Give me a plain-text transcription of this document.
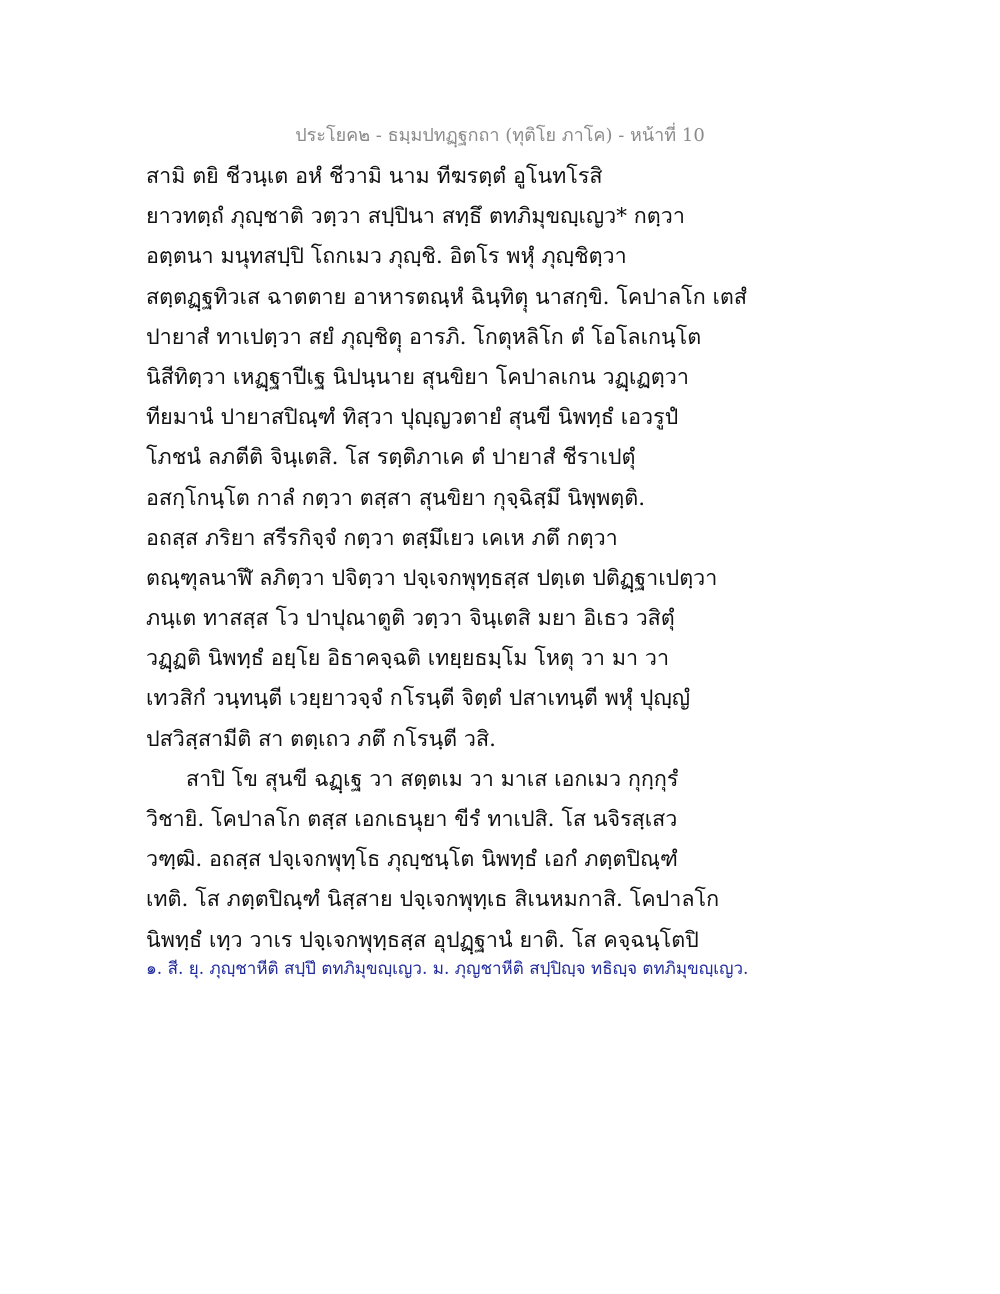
ประโยค๒ - ธมฺมปทฏฺฐกถา (ทุติโย ภาโค) - หน้าที่ 10
สามิ ตยิ ชีวนฺเต อหํ ชีวามิ นาม ทีฆรตฺตํ อูโนทโรสิ
ยาวทตฺถํ ภุญฺชาติ วตฺวา สปฺปินา สทฺธึ ตทภิมุขญฺเญว* กตฺวา
อตฺตนา มนุทสปฺปิ โถกเมว ภุญฺชิ. อิตโร พหุํ ภุญฺชิตฺวา
สตฺตฏฺฐทิวเส ฉาตตาย อาหารตณฺหํ ฉินฺทิตฺุ นาสกฺขิ. โคปาลโก เตสํ
ปายาสํ ทาเปตฺวา สยํ ภุญฺชิตฺุ อารภิ. โกตุหลิโก ตํ โอโลเกนฺโต
นิสีทิตฺวา เหฏฺฐาปีเฐ นิปนฺนาย สุนขิยา โคปาลเกน วฏฺเฏตฺวา
ทียมานํ ปายาสปิณฺฑํ ทิสฺวา ปุญฺญวตายํ สุนขี นิพทฺธํ เอวรูปํ
โภชนํ ลภตีติ จินฺเตสิ. โส รตฺติภาเค ตํ ปายาสํ ชีราเปตุํ
อสกฺโกนฺโต กาลํ กตฺวา ตสฺสา สุนขิยา กุจฺฉิสฺมึ นิพฺพตฺติ.
อถสฺส ภริยา สรีรกิจฺจํ กตฺวา ตสฺมึเยว เคเห ภตึ กตฺวา
ตณฺฑุลนาฬึ ลภิตฺวา ปจิตฺวา ปจฺเจกพุทฺธสฺส ปตฺเต ปติฏฺฐาเปตฺวา
ภนฺเต ทาสสฺส โว ปาปุณาตูติ วตฺวา จินฺเตสิ มยา อิเธว วสิตุํ
วฏฺฏติ นิพทฺธํ อยฺโย อิธาคจฺฉติ เทยฺยธมฺโม โหตุ วา มา วา
เทวสิกํ วนฺทนฺตี เวยฺยาวจฺจํ กโรนฺตี จิตฺตํ ปสาเทนฺตี พหุํ ปุญฺญํ
ปสวิสฺสามีติ สา ตตฺเถว ภตึ กโรนฺตี วสิ.
สาปิ โข สุนขี ฉฏฺเฐ วา สตฺตเม วา มาเส เอกเมว กุกฺกุรํ
วิชายิ. โคปาลโก ตสฺส เอกเธนุยา ขีรํ ทาเปสิ. โส นจิรสฺเสว
วฑฺฒิ. อถสฺส ปจฺเจกพุทฺโธ ภุญฺชนฺโต นิพทฺธํ เอกํ ภตฺตปิณฺฑํ
เทติ. โส ภตฺตปิณฺฑํ นิสฺสาย ปจฺเจกพุทฺเธ สิเนหมกาสิ. โคปาลโก
นิพทฺธํ เทฺว วาเร ปจฺเจกพุทฺธสฺส อุปฏฺฐานํ ยาติ. โส คจฺฉนฺโตปิ
๑. สี. ยุ. ภุญฺชาหีติ สปฺปึ ตทภิมุขญฺเญว. ม. ภุญชาหีติ สปฺปิญฺจ ทธิญฺจ ตทภิมุขญฺเญว.
